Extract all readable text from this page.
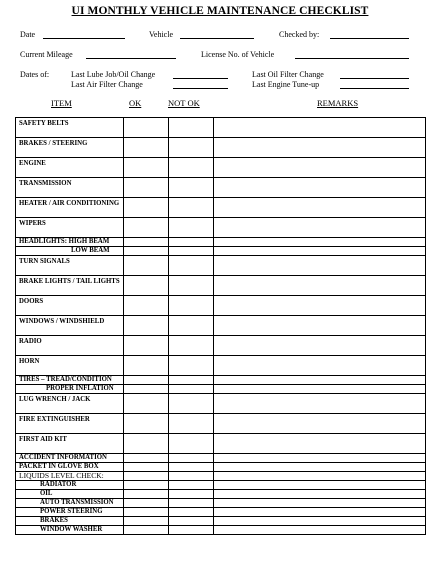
UI MONTHLY VEHICLE MAINTENANCE CHECKLIST
Date	Vehicle	Checked by:
Current Mileage	License No. of Vehicle
Dates of:	Last Lube Job/Oil Change
Last Air Filter Change
Last Oil Filter Change
Last Engine Tune-up
ITEM	OK	NOT OK	REMARKS
SAFETY BELTS			
BRAKES / STEERING			
ENGINE			
TRANSMISSION			
HEATER / AIR CONDITIONING			
WIPERS			
HEADLIGHTS: HIGH BEAM			
LOW BEAM			
TURN SIGNALS			
BRAKE LIGHTS / TAIL LIGHTS			
DOORS			
WINDOWS / WINDSHIELD			
RADIO			
HORN			
TIRES – TREAD/CONDITION			
PROPER INFLATION			
LUG WRENCH / JACK			
FIRE EXTINGUISHER			
FIRST AID KIT			
ACCIDENT INFORMATION			
PACKET IN GLOVE BOX			
LIQUIDS LEVEL CHECK:			
RADIATOR			
OIL			
AUTO TRANSMISSION			
POWER STEERING			
BRAKES			
WINDOW WASHER			
